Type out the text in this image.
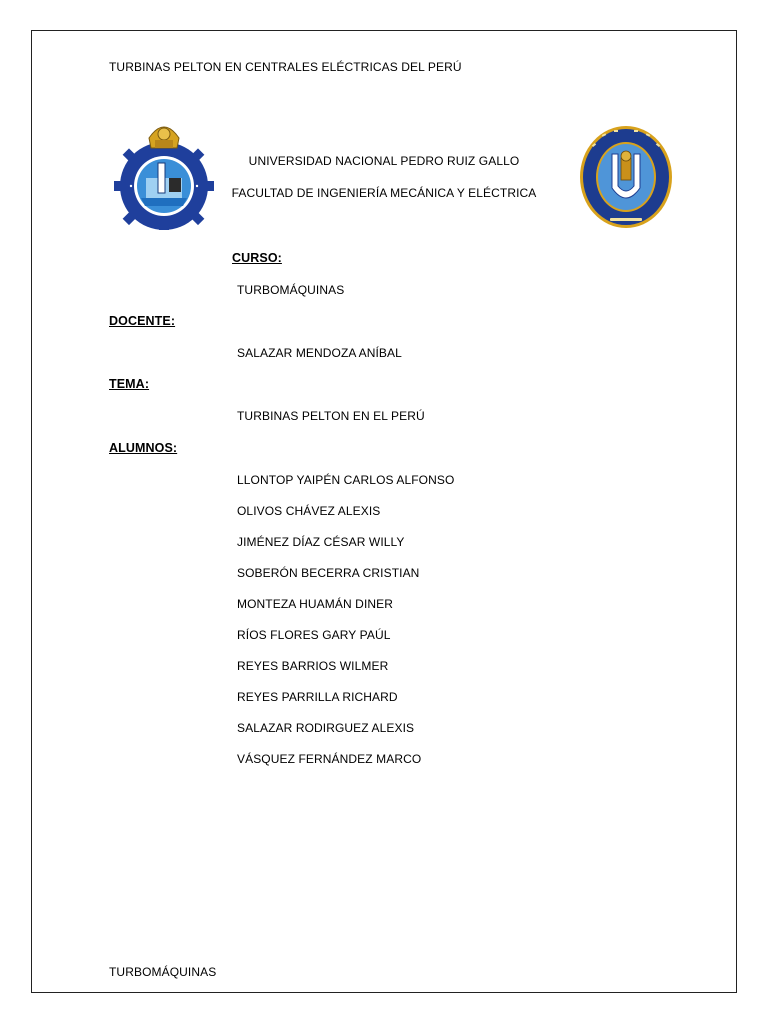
TURBINAS PELTON EN CENTRALES ELÉCTRICAS DEL PERÚ
UNIVERSIDAD NACIONAL PEDRO RUIZ GALLO
FACULTAD DE INGENIERÍA MECÁNICA Y ELÉCTRICA
CURSO:
TURBOMÁQUINAS
DOCENTE:
SALAZAR MENDOZA ANÍBAL
TEMA:
TURBINAS PELTON EN EL PERÚ
ALUMNOS:
LLONTOP YAIPÉN CARLOS ALFONSO
OLIVOS CHÁVEZ ALEXIS
JIMÉNEZ DÍAZ CÉSAR WILLY
SOBERÓN BECERRA CRISTIAN
MONTEZA HUAMÁN DINER
RÍOS FLORES GARY PAÚL
REYES BARRIOS WILMER
REYES PARRILLA RICHARD
SALAZAR RODIRGUEZ ALEXIS
VÁSQUEZ FERNÁNDEZ MARCO
TURBOMÁQUINAS
